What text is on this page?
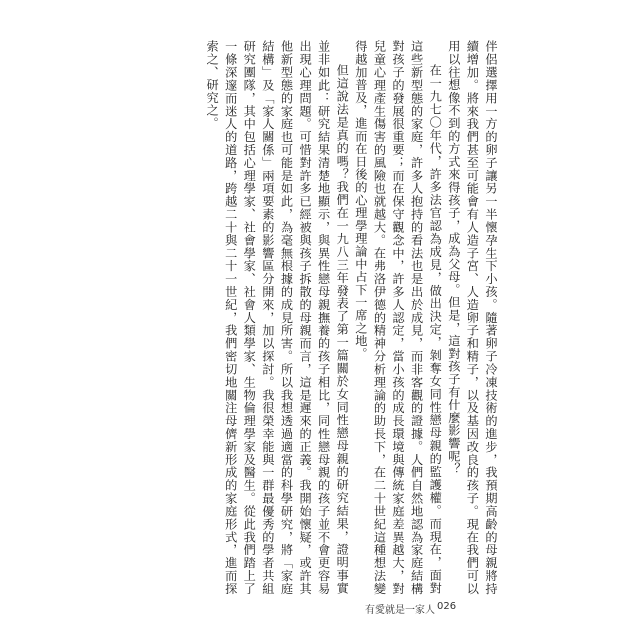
伴侶選擇用一方的卵子讓另一半懷孕生下小孩。隨著卵子冷凍技術的進步，我預期高齡的母親將持續增加。將來我們甚至可能會有人造子宮、人造卵子和精子，以及基因改良的孩子。現在我們可以用以往想像不到的方式來得孩子，成為父母。但是，這對孩子有什麼影響呢？

在一九七〇年代，許多法官認為成見，做出決定，剝奪女同性戀母親的監護權。而現在，面對這些新型態的家庭，許多人抱持的看法也是出於成見，而非客觀的證據。人們自然地認為家庭結構對孩子的發展很重要；而在保守觀念中，許多人認定，當小孩的成長環境與傳統家庭差異越大，對兒童心理產生傷害的風險也就越大。在弗洛伊德的精神分析理論的助長下，在二十世紀這種想法變得越加普及，進而在日後的心理學理論中占下一席之地。

但這說法是真的嗎？我們在一九八三年發表了第一篇關於女同性戀母親的研究結果，證明事實並非如此：研究結果清楚地顯示，與異性戀母親撫養的孩子相比，同性戀母親的孩子並不會更容易出現心理問題。可惜對許多已經被與孩子拆散的母親而言，這是遲來的正義。我開始懷疑，或許其他新型態的家庭也可能是如此，為毫無根據的成見所害。所以我想透過適當的科學研究，將「家庭結構」及「家人關係」兩項要素的影響區分開來，加以探討。我很榮幸能與一群最優秀的學者共組研究團隊，其中包括心理學家、社會學家、社會人類學家、生物倫理學家及醫生。從此我們踏上了一條深邃而迷人的道路，跨越二十與二十一世紀，我們密切地關注母儕新形成的家庭形式，進而探索之、研究之。

有愛就是一家人 026
